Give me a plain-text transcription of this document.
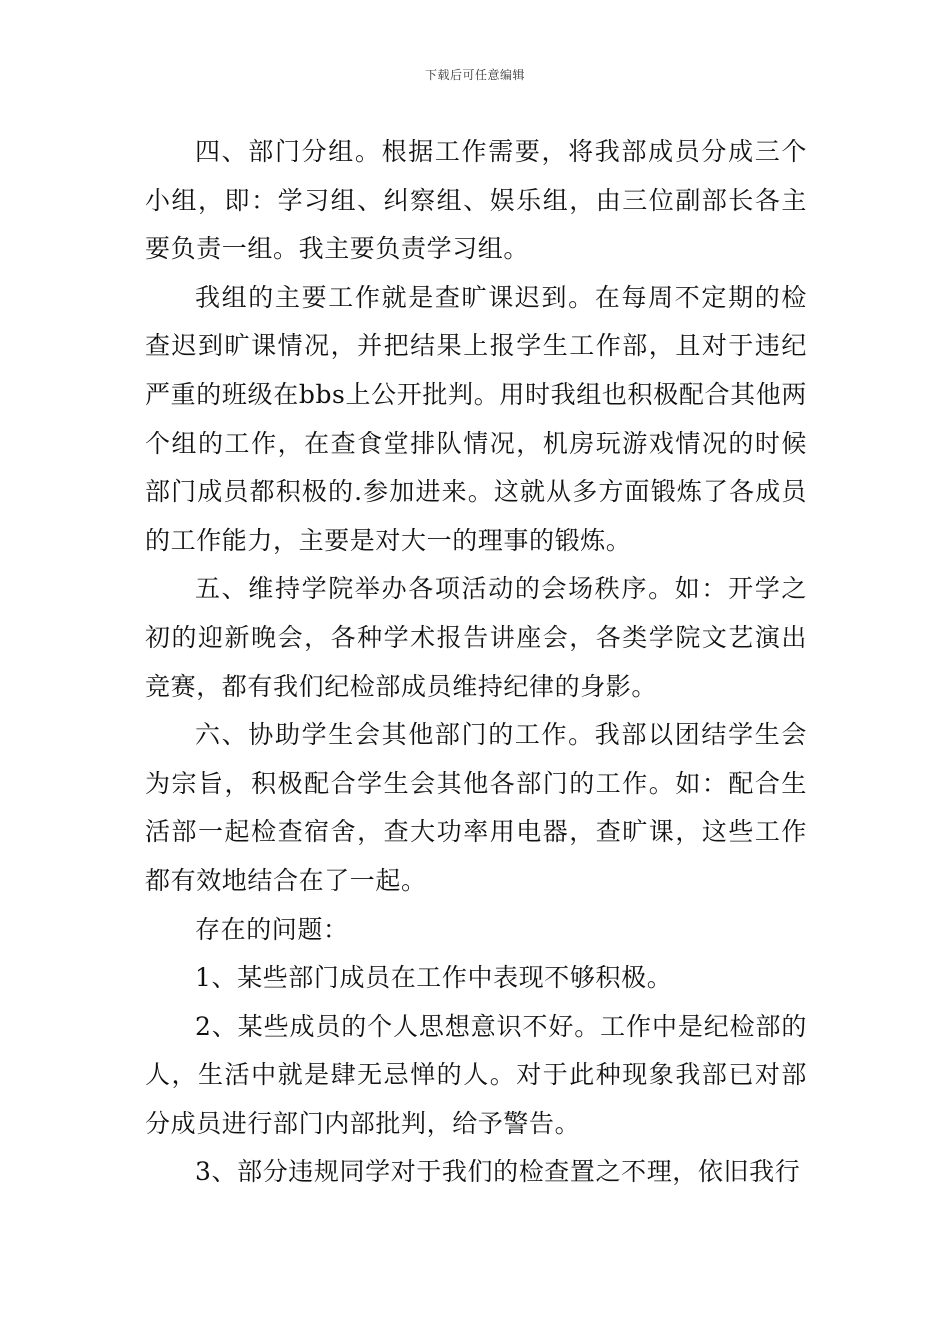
下载后可任意编辑

四、部门分组。根据工作需要，将我部成员分成三个小组，即：学习组、纠察组、娱乐组，由三位副部长各主要负责一组。我主要负责学习组。

我组的主要工作就是查旷课迟到。在每周不定期的检查迟到旷课情况，并把结果上报学生工作部，且对于违纪严重的班级在bbs上公开批判。用时我组也积极配合其他两个组的工作，在查食堂排队情况，机房玩游戏情况的时候部门成员都积极的.参加进来。这就从多方面锻炼了各成员的工作能力，主要是对大一的理事的锻炼。

五、维持学院举办各项活动的会场秩序。如：开学之初的迎新晚会，各种学术报告讲座会，各类学院文艺演出竞赛，都有我们纪检部成员维持纪律的身影。

六、协助学生会其他部门的工作。我部以团结学生会为宗旨，积极配合学生会其他各部门的工作。如：配合生活部一起检查宿舍，查大功率用电器，查旷课，这些工作都有效地结合在了一起。

存在的问题：

1、某些部门成员在工作中表现不够积极。

2、某些成员的个人思想意识不好。工作中是纪检部的人，生活中就是肆无忌惮的人。对于此种现象我部已对部分成员进行部门内部批判，给予警告。

3、部分违规同学对于我们的检查置之不理，依旧我行
